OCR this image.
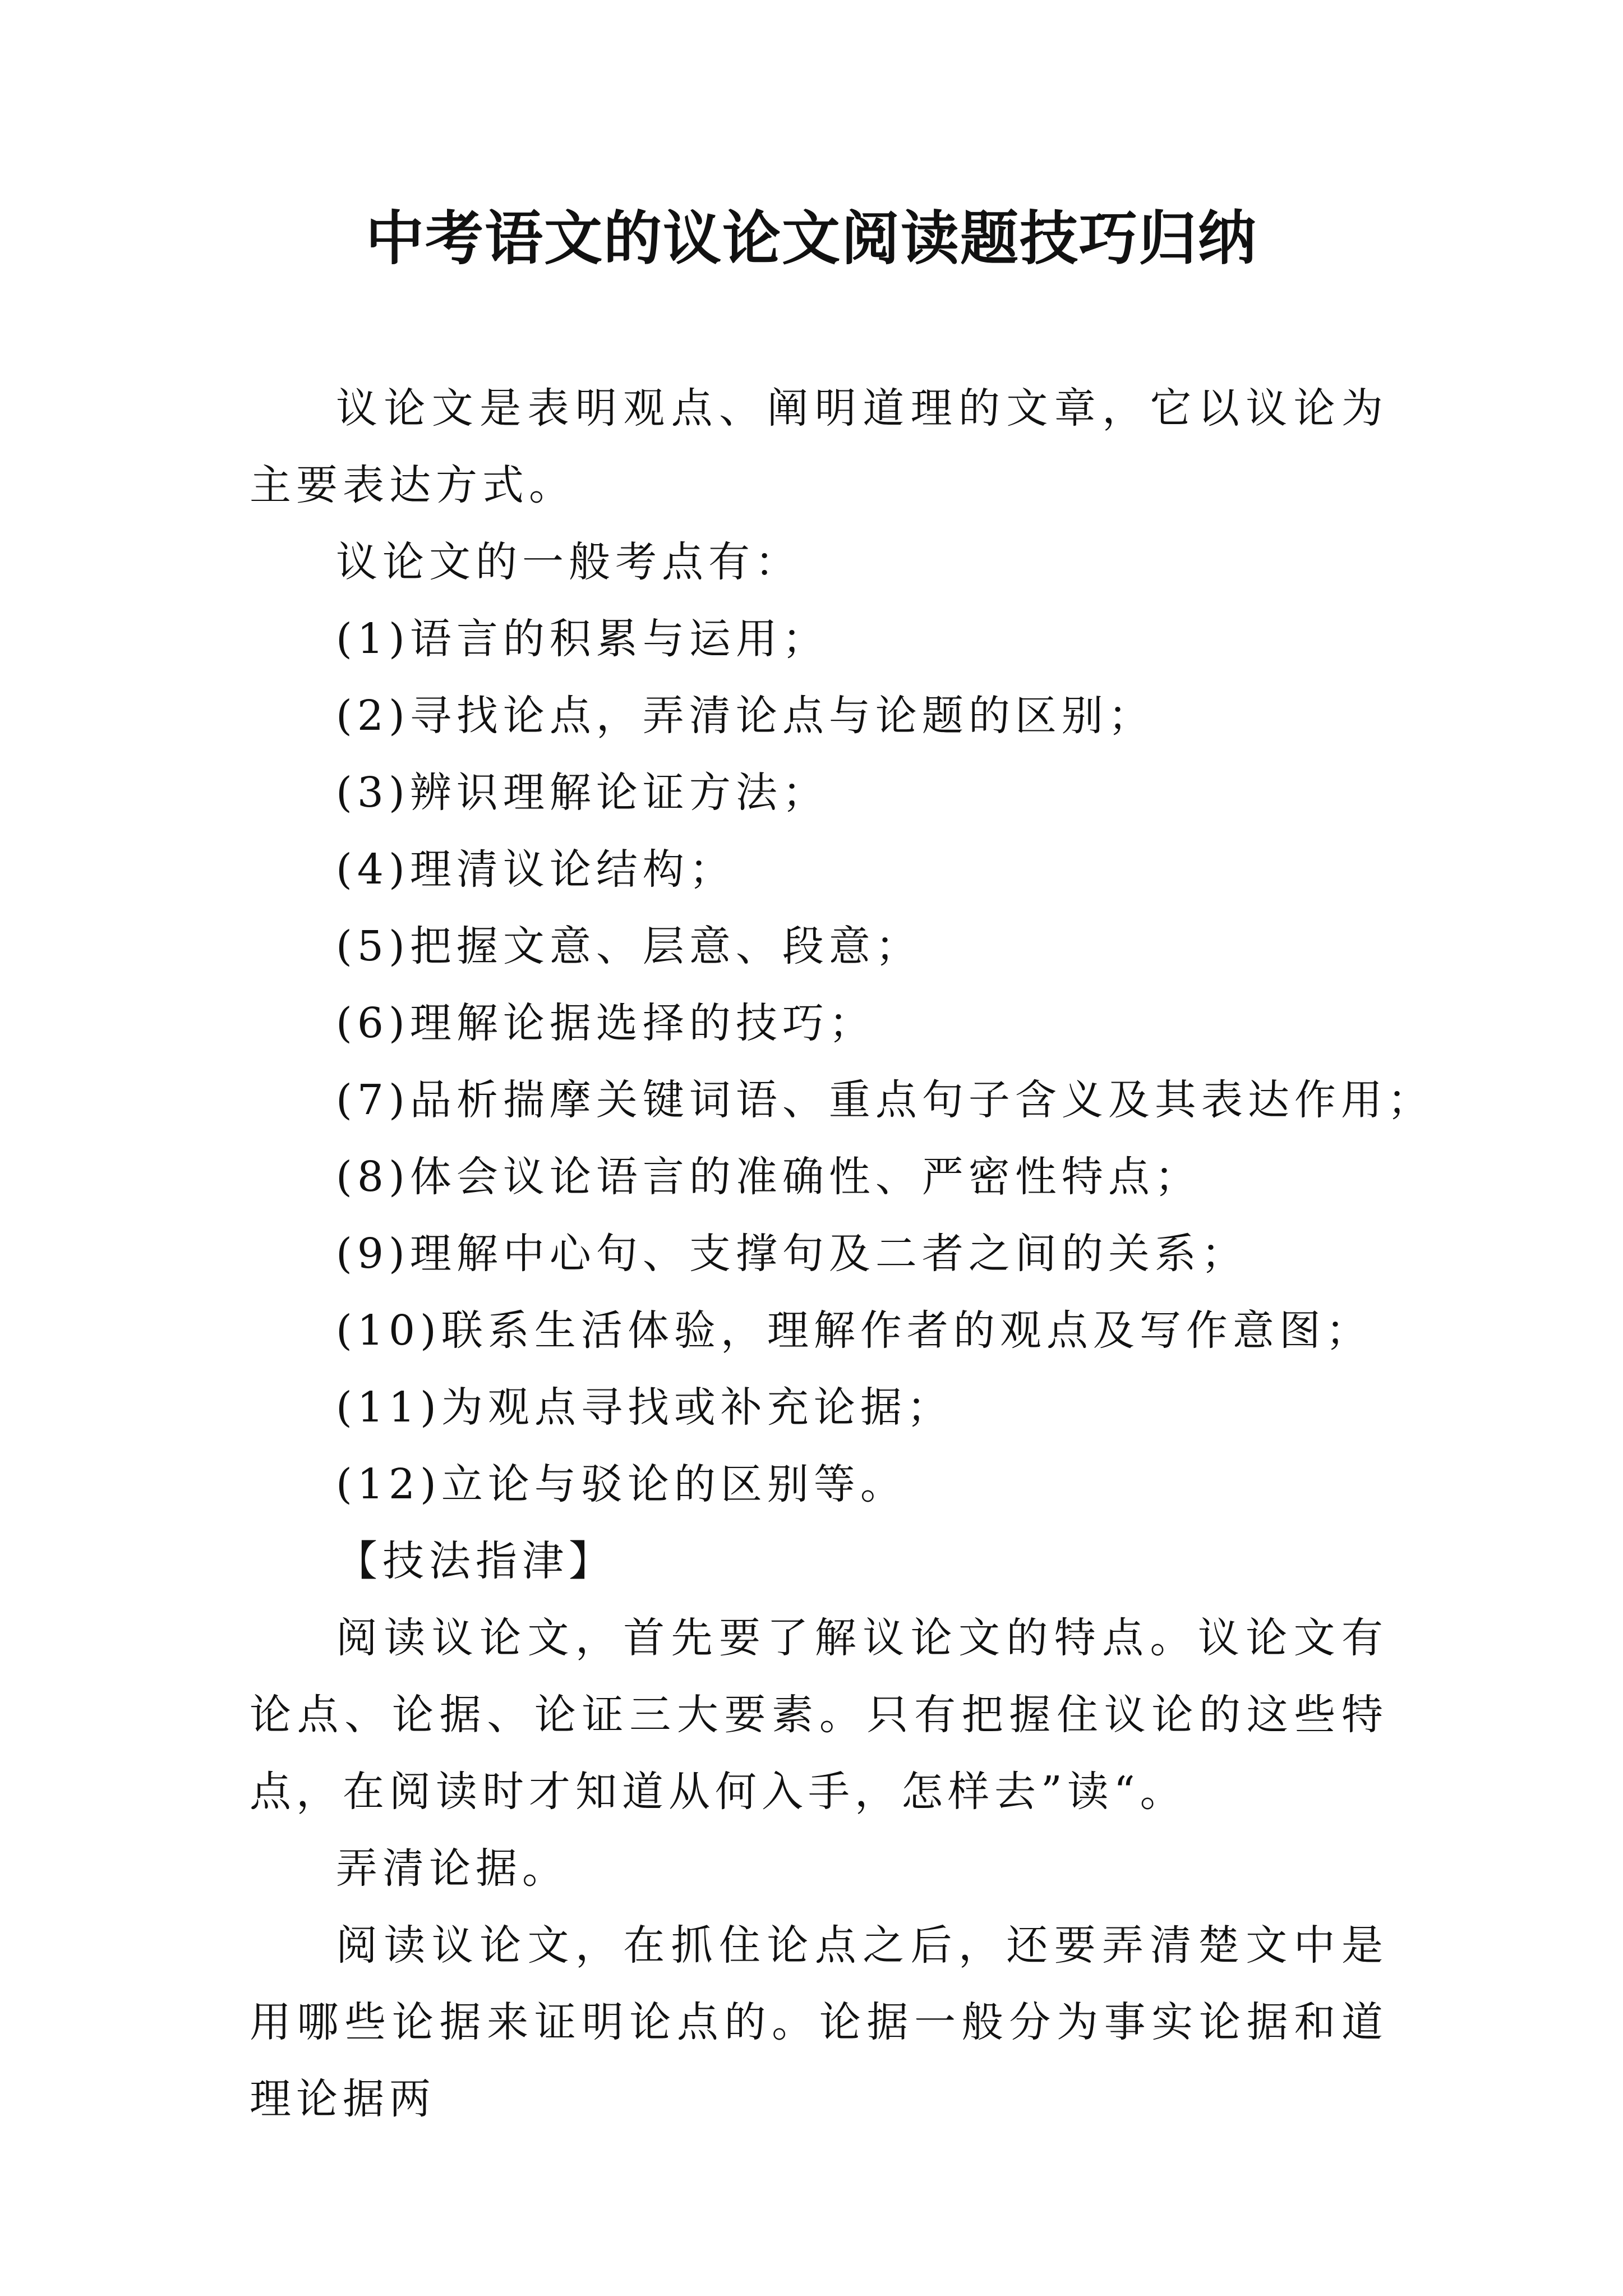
中考语文的议论文阅读题技巧归纳

议论文是表明观点、阐明道理的文章，它以议论为主要表达方式。

议论文的一般考点有：

(1)语言的积累与运用；

(2)寻找论点，弄清论点与论题的区别；

(3)辨识理解论证方法；

(4)理清议论结构；

(5)把握文意、层意、段意；

(6)理解论据选择的技巧；

(7)品析揣摩关键词语、重点句子含义及其表达作用；

(8)体会议论语言的准确性、严密性特点；

(9)理解中心句、支撑句及二者之间的关系；

(10)联系生活体验，理解作者的观点及写作意图；

(11)为观点寻找或补充论据；

(12)立论与驳论的区别等。

【技法指津】

阅读议论文，首先要了解议论文的特点。议论文有论点、论据、论证三大要素。只有把握住议论的这些特点，在阅读时才知道从何入手，怎样去”读“。

弄清论据。

阅读议论文，在抓住论点之后，还要弄清楚文中是用哪些论据来证明论点的。论据一般分为事实论据和道理论据两
